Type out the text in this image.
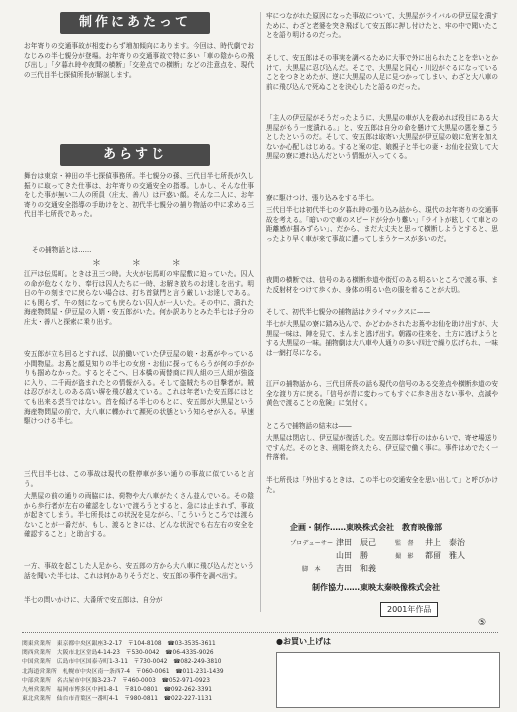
制作にあたって
お年寄りの交通事故が相変わらず増加傾向にあります。今回は、時代劇でおなじみの半七親分が登場。お年寄りの交通事故で特に多い「車の陰からの飛び出し」「夕暮れ時や夜間の横断」「交差点での横断」などの注意点を、現代の三代目半七探偵所長が解説します。
あらすじ
舞台は東京・神田の半七探偵事務所。半七親分の孫、三代目半七所長が久し振りに取ってきた仕事は、お年寄りの交通安全の指導。しかし、そんな仕事をした事が無い二人の所員（庄太、善八）は戸惑い顔。そんな二人に、お年寄りの交通安全指導の手助けをと、初代半七親分の捕り物話の中に求める三代目半七所長であった。
その捕物話とは……
＊ ＊ ＊
江戸は伝馬町。ときは丑三つ時。大火が伝馬町の牢屋敷に迫っていた。囚人の命が危なくなり、奉行は囚人たちに一時、お解き放ちのお達しを出す。明日の午の刻までに戻らない場合は、打ち首獄門と言う厳しいお達しである。にも関らず、午の刻になっても戻らない囚人が一人いた。その中に、潰れた海産物問屋・伊豆屋の入婿・安五郎がいた。何か訳ありとみた半七は子分の庄太・善八と探索に乗り出す。
安五郎が立ち回るとすれば、以前働いていた伊豆屋の娘・お蔦がやっている小間物屋。お蔦と顔見知りの半七の女房・お仙に探ってもらうが何の手がかりも掴めなかった。するとそこへ、日本橋の両替商に四人組の三人組が強盗に入り、二千両が盗まれたとの情報が入る。そして盗賊たちの目撃者が。賊は忍びがえしのある高い塀を飛び越えている。これは年老いた安五郎にはとても出来る芸当ではない。首を傾げる半七のもとに、安五郎が大黒屋という海産物問屋の前で、大八車に轢かれて瀕死の状態という知らせが入る。早速駆けつける半七。
三代目半七は、この事故は現代の駐停車が多い通りの事故に似ていると言う。
大黒屋の前の通りの両脇には、荷物や大八車がたくさん並んでいる。その陰から歩行者が左右の確認をしないで渡ろうとすると、急には止まれず、事故が起きてしまう。半七所長はこの状況を見ながら、「こういうところでは渡らないことが一番だが、もし、渡るときには、どんな状況でも右左右の安全を確認すること」と助言する。
一方、事故を起こした人足から、安五郎の方から大八車に飛び込んだという話を聞いた半七は、これは何かありそうだと、安五郎の事件を調べ出す。
半七の問いかけに、大番所で安五郎は、自分が
牢につながれた原因になった事故について、大黒屋がライバルの伊豆屋を潰すために、わざと老婆を突き飛ばして安五郎に押し付けたと、牢の中で聞いたことを語り明けるのだった。
そして、安五郎はその事実を調べるために大事で外に出られたことを幸いとかけて、大黒屋に忍び込んだ。そこで、大黒屋と同心・川辺がぐるになっていることをつきとめたが、逆に大黒屋の人足に見つかってしまい、わざと大八車の前に飛び込んで死ぬことを決心したと語るのだった。
「主人の伊豆屋がそうだったように、大黒屋の車が人を殺めれば役目にある大黒屋がもう一度潰れる。」と、安五郎は自分の命を懸けて大黒屋の悪を暴こうとしたというのだ。そして、安五郎は取寄い大黒屋が伊豆屋の娘に危害を加えないか心配しはじめる。すると案の定、娘親子と半七の妻・お仙を拉致して大黒屋の寮に連れ込んだという情報が入ってくる。
寮に駆けつけ、張り込みをする半七。
三代目半七は初代半七の夕暮れ時の張り込み話から、現代のお年寄りの交通事故を考える。「暗いので車のスピードが分かり難い」「ライトが眩しくて車との距離感が掴みずらい」、だから、まだ大丈夫と思って横断しようとすると、思ったより早く車が来て事故に遭ってしまうケースが多いのだ。
夜間の横断では、信号のある横断歩道や街灯のある明るいところで渡る事、また反射材をつけて歩くか、身体の明るい色の服を着ることが大切。
そして、初代半七親分の捕物話はクライマックスに——
半七が大黒屋の寮に踏み込んで、かどわかされたお蔦やお仙を助け出すが、大黒屋一味は、陣を見て、まんまと逃げ出す。朝霧の往来を、土方に逃げようとする大黒屋の一味。捕物劇は大八車や人通りの多い四辻で繰り広げられ、一味は一網打尽になる。
江戸の捕物話から、三代目所長の話も現代の信号のある交差点や横断歩道の安全な渡り方に戻る。「信号が青に変わってもすぐに歩き出さない事や、点滅や黄色で渡ることの危険」に気付く。
ところで捕物話の結末は――
大黒屋は閉店し、伊豆屋が復活した。安五郎は奉行のはからいで、寄せ場送りですんだ。そのとき、刑期を終えたら、伊豆屋で働く事に。事件はめでたく一件落着。
半七所長は「外出するときは、この半七の交通安全を思い出して」と呼びかけた。
企画・制作……東映株式会社　教育映像部
プロデューサー 津田　辰己	監　督 井上　泰治
山田　勝	撮　影 都留　雅人
脚　本 吉田　和義
制作協力……東映太秦映像株式会社
2001年作品
⑤
関東営業所　東京都中央区銀座3-2-17　〒104-8108　☎03-3535-3611
関西営業所　大阪市北区堂島4-14-23　〒530-0042　☎06-4335-9026
中国営業所　広島市中区国泰寺町1-3-11　〒730-0042　☎082-249-3810
北海道営業所　札幌市中央区南一条西7-4　〒060-0061　☎011-231-1439
中部営業所　名古屋市中区錦3-23-7　〒460-0003　☎052-971-0923
九州営業所　福岡市博多区中洲1-8-1　〒810-0801　☎092-262-3391
東北営業所　仙台市青葉区一番町4-1　〒980-0811　☎022-227-1131
●お買い上げは
